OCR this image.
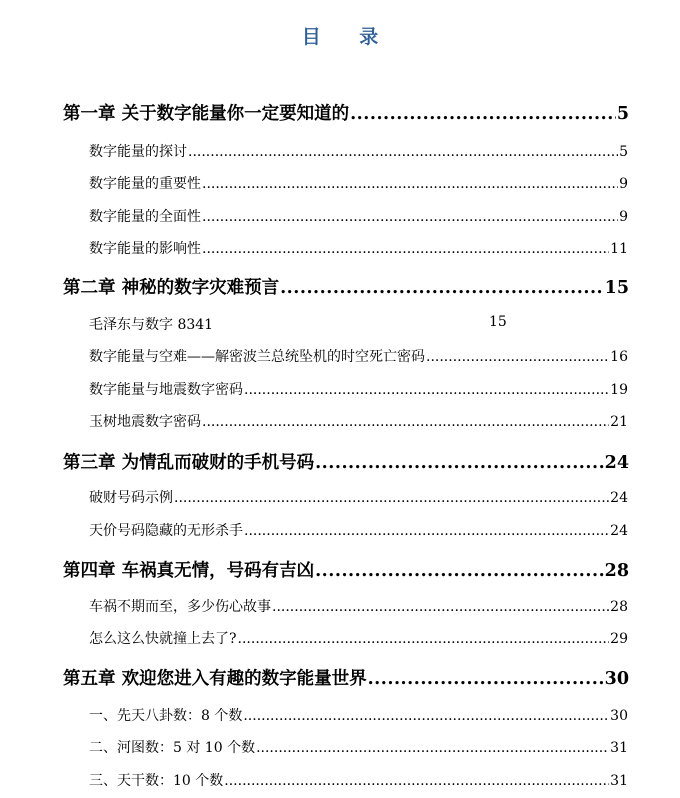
目 录
第一章 关于数字能量你一定要知道的 .....	5
数字能量的探讨 .....	5
数字能量的重要性 .....	9
数字能量的全面性 .....	9
数字能量的影响性 .....	11
第二章 神秘的数字灾难预言 .....	15
毛泽东与数字 8341	15
数字能量与空难——解密波兰总统坠机的时空死亡密码 .....	16
数字能量与地震数字密码 .....	19
玉树地震数字密码 .....	21
第三章 为情乱而破财的手机号码 .....	24
破财号码示例 .....	24
天价号码隐藏的无形杀手 .....	24
第四章 车祸真无情，号码有吉凶 .....	28
车祸不期而至，多少伤心故事 .....	28
怎么这么快就撞上去了? .....	29
第五章 欢迎您进入有趣的数字能量世界 .....	30
一、先天八卦数：8 个数 .....	30
二、河图数：5 对 10 个数 .....	31
三、天干数：10 个数 .....	31
